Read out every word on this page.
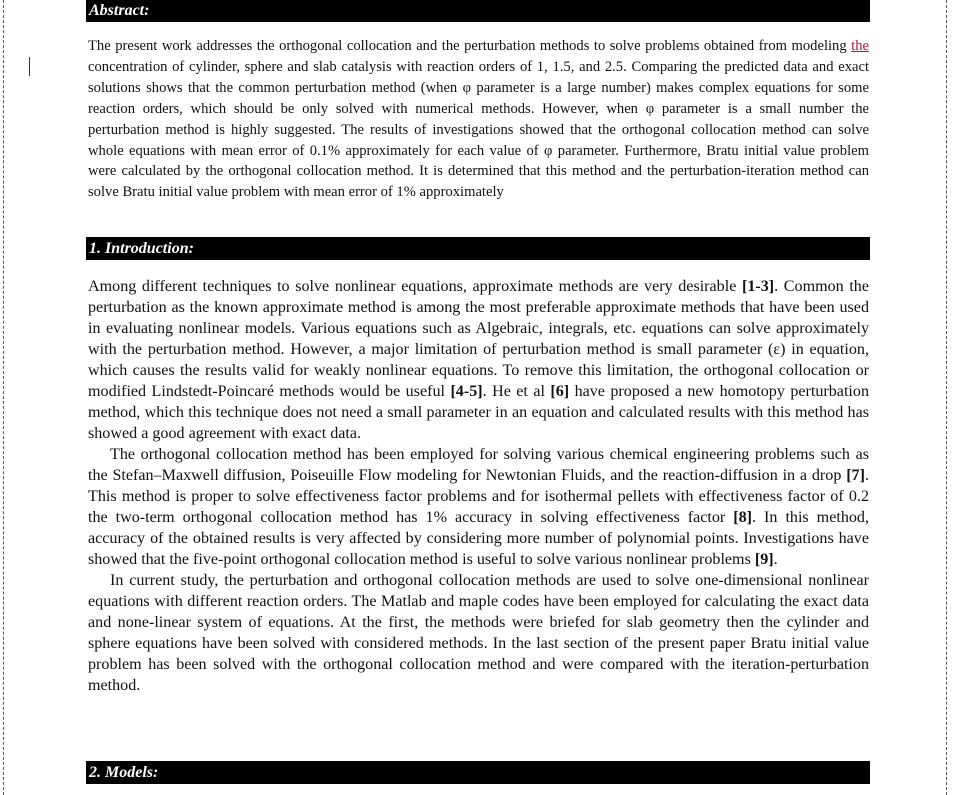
Abstract:
The present work addresses the orthogonal collocation and the perturbation methods to solve problems obtained from modeling the concentration of cylinder, sphere and slab catalysis with reaction orders of 1, 1.5, and 2.5. Comparing the predicted data and exact solutions shows that the common perturbation method (when φ parameter is a large number) makes complex equations for some reaction orders, which should be only solved with numerical methods. However, when φ parameter is a small number the perturbation method is highly suggested. The results of investigations showed that the orthogonal collocation method can solve whole equations with mean error of 0.1% approximately for each value of φ parameter. Furthermore, Bratu initial value problem were calculated by the orthogonal collocation method. It is determined that this method and the perturbation-iteration method can solve Bratu initial value problem with mean error of 1% approximately
1. Introduction:

Among different techniques to solve nonlinear equations, approximate methods are very desirable [1-3]. Common the perturbation as the known approximate method is among the most preferable approximate methods that have been used in evaluating nonlinear models. Various equations such as Algebraic, integrals, etc. equations can solve approximately with the perturbation method. However, a major limitation of perturbation method is small parameter (ε) in equation, which causes the results valid for weakly nonlinear equations. To remove this limitation, the orthogonal collocation or modified Lindstedt-Poincaré methods would be useful [4-5]. He et al [6] have proposed a new homotopy perturbation method, which this technique does not need a small parameter in an equation and calculated results with this method has showed a good agreement with exact data.

The orthogonal collocation method has been employed for solving various chemical engineering problems such as the Stefan–Maxwell diffusion, Poiseuille Flow modeling for Newtonian Fluids, and the reaction-diffusion in a drop [7]. This method is proper to solve effectiveness factor problems and for isothermal pellets with effectiveness factor of 0.2 the two-term orthogonal collocation method has 1% accuracy in solving effectiveness factor [8]. In this method, accuracy of the obtained results is very affected by considering more number of polynomial points. Investigations have showed that the five-point orthogonal collocation method is useful to solve various nonlinear problems [9].

In current study, the perturbation and orthogonal collocation methods are used to solve one-dimensional nonlinear equations with different reaction orders. The Matlab and maple codes have been employed for calculating the exact data and none-linear system of equations. At the first, the methods were briefed for slab geometry then the cylinder and sphere equations have been solved with considered methods. In the last section of the present paper Bratu initial value problem has been solved with the orthogonal collocation method and were compared with the iteration-perturbation method.

2. Models:
